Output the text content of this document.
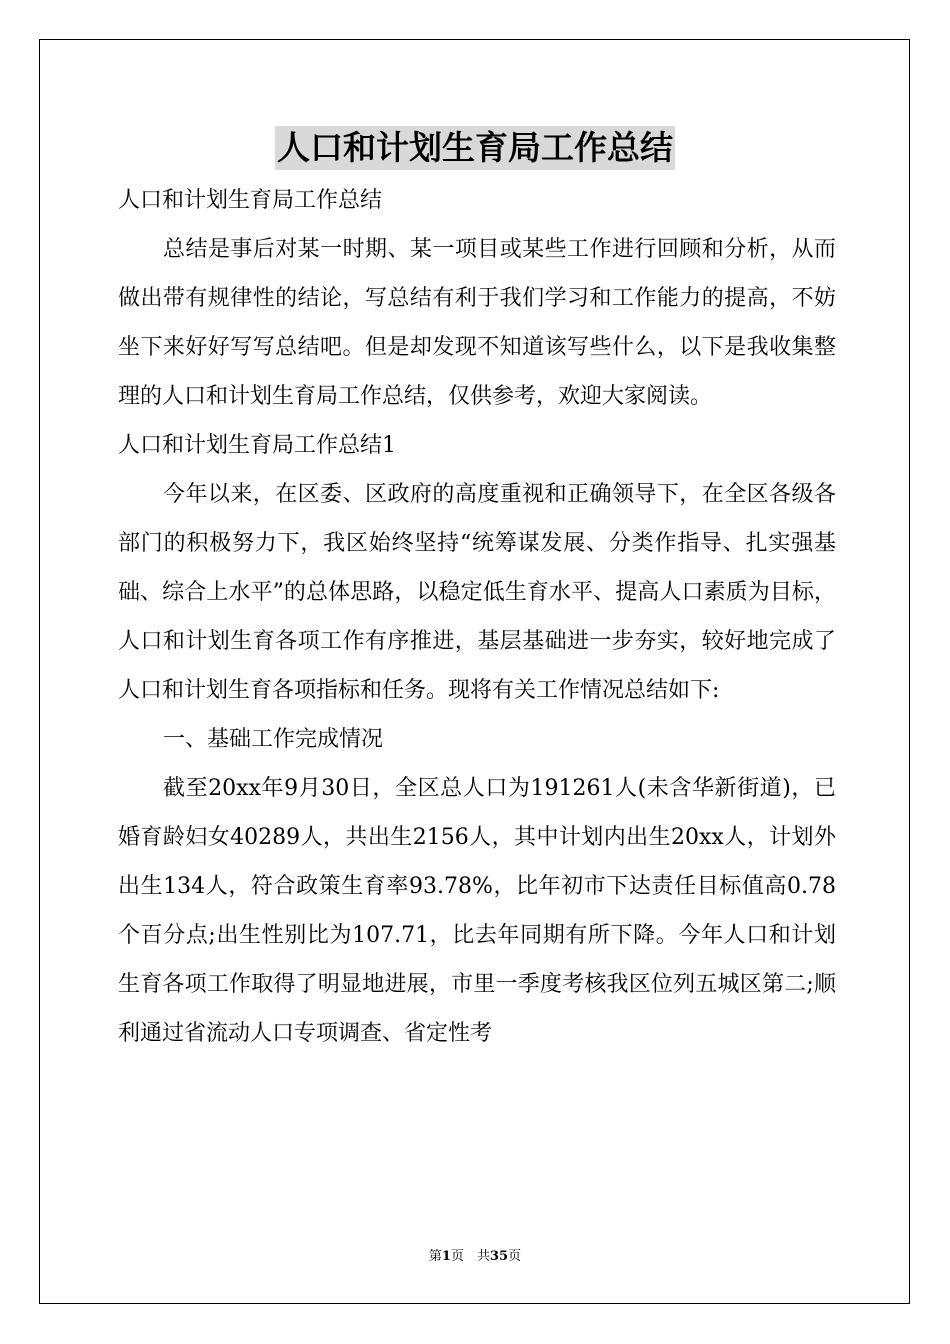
人口和计划生育局工作总结

人口和计划生育局工作总结

总结是事后对某一时期、某一项目或某些工作进行回顾和分析，从而做出带有规律性的结论，写总结有利于我们学习和工作能力的提高，不妨坐下来好好写写总结吧。但是却发现不知道该写些什么，以下是我收集整理的人口和计划生育局工作总结，仅供参考，欢迎大家阅读。

人口和计划生育局工作总结1

今年以来，在区委、区政府的高度重视和正确领导下，在全区各级各部门的积极努力下，我区始终坚持“统筹谋发展、分类作指导、扎实强基础、综合上水平”的总体思路，以稳定低生育水平、提高人口素质为目标，人口和计划生育各项工作有序推进，基层基础进一步夯实，较好地完成了人口和计划生育各项指标和任务。现将有关工作情况总结如下:

一、基础工作完成情况

截至20xx年9月30日，全区总人口为191261人(未含华新街道)，已婚育龄妇女40289人，共出生2156人，其中计划内出生20xx人，计划外出生134人，符合政策生育率93.78%，比年初市下达责任目标值高0.78个百分点;出生性别比为107.71，比去年同期有所下降。今年人口和计划生育各项工作取得了明显地进展，市里一季度考核我区位列五城区第二;顺利通过省流动人口专项调查、省定性考

第1页　共35页
